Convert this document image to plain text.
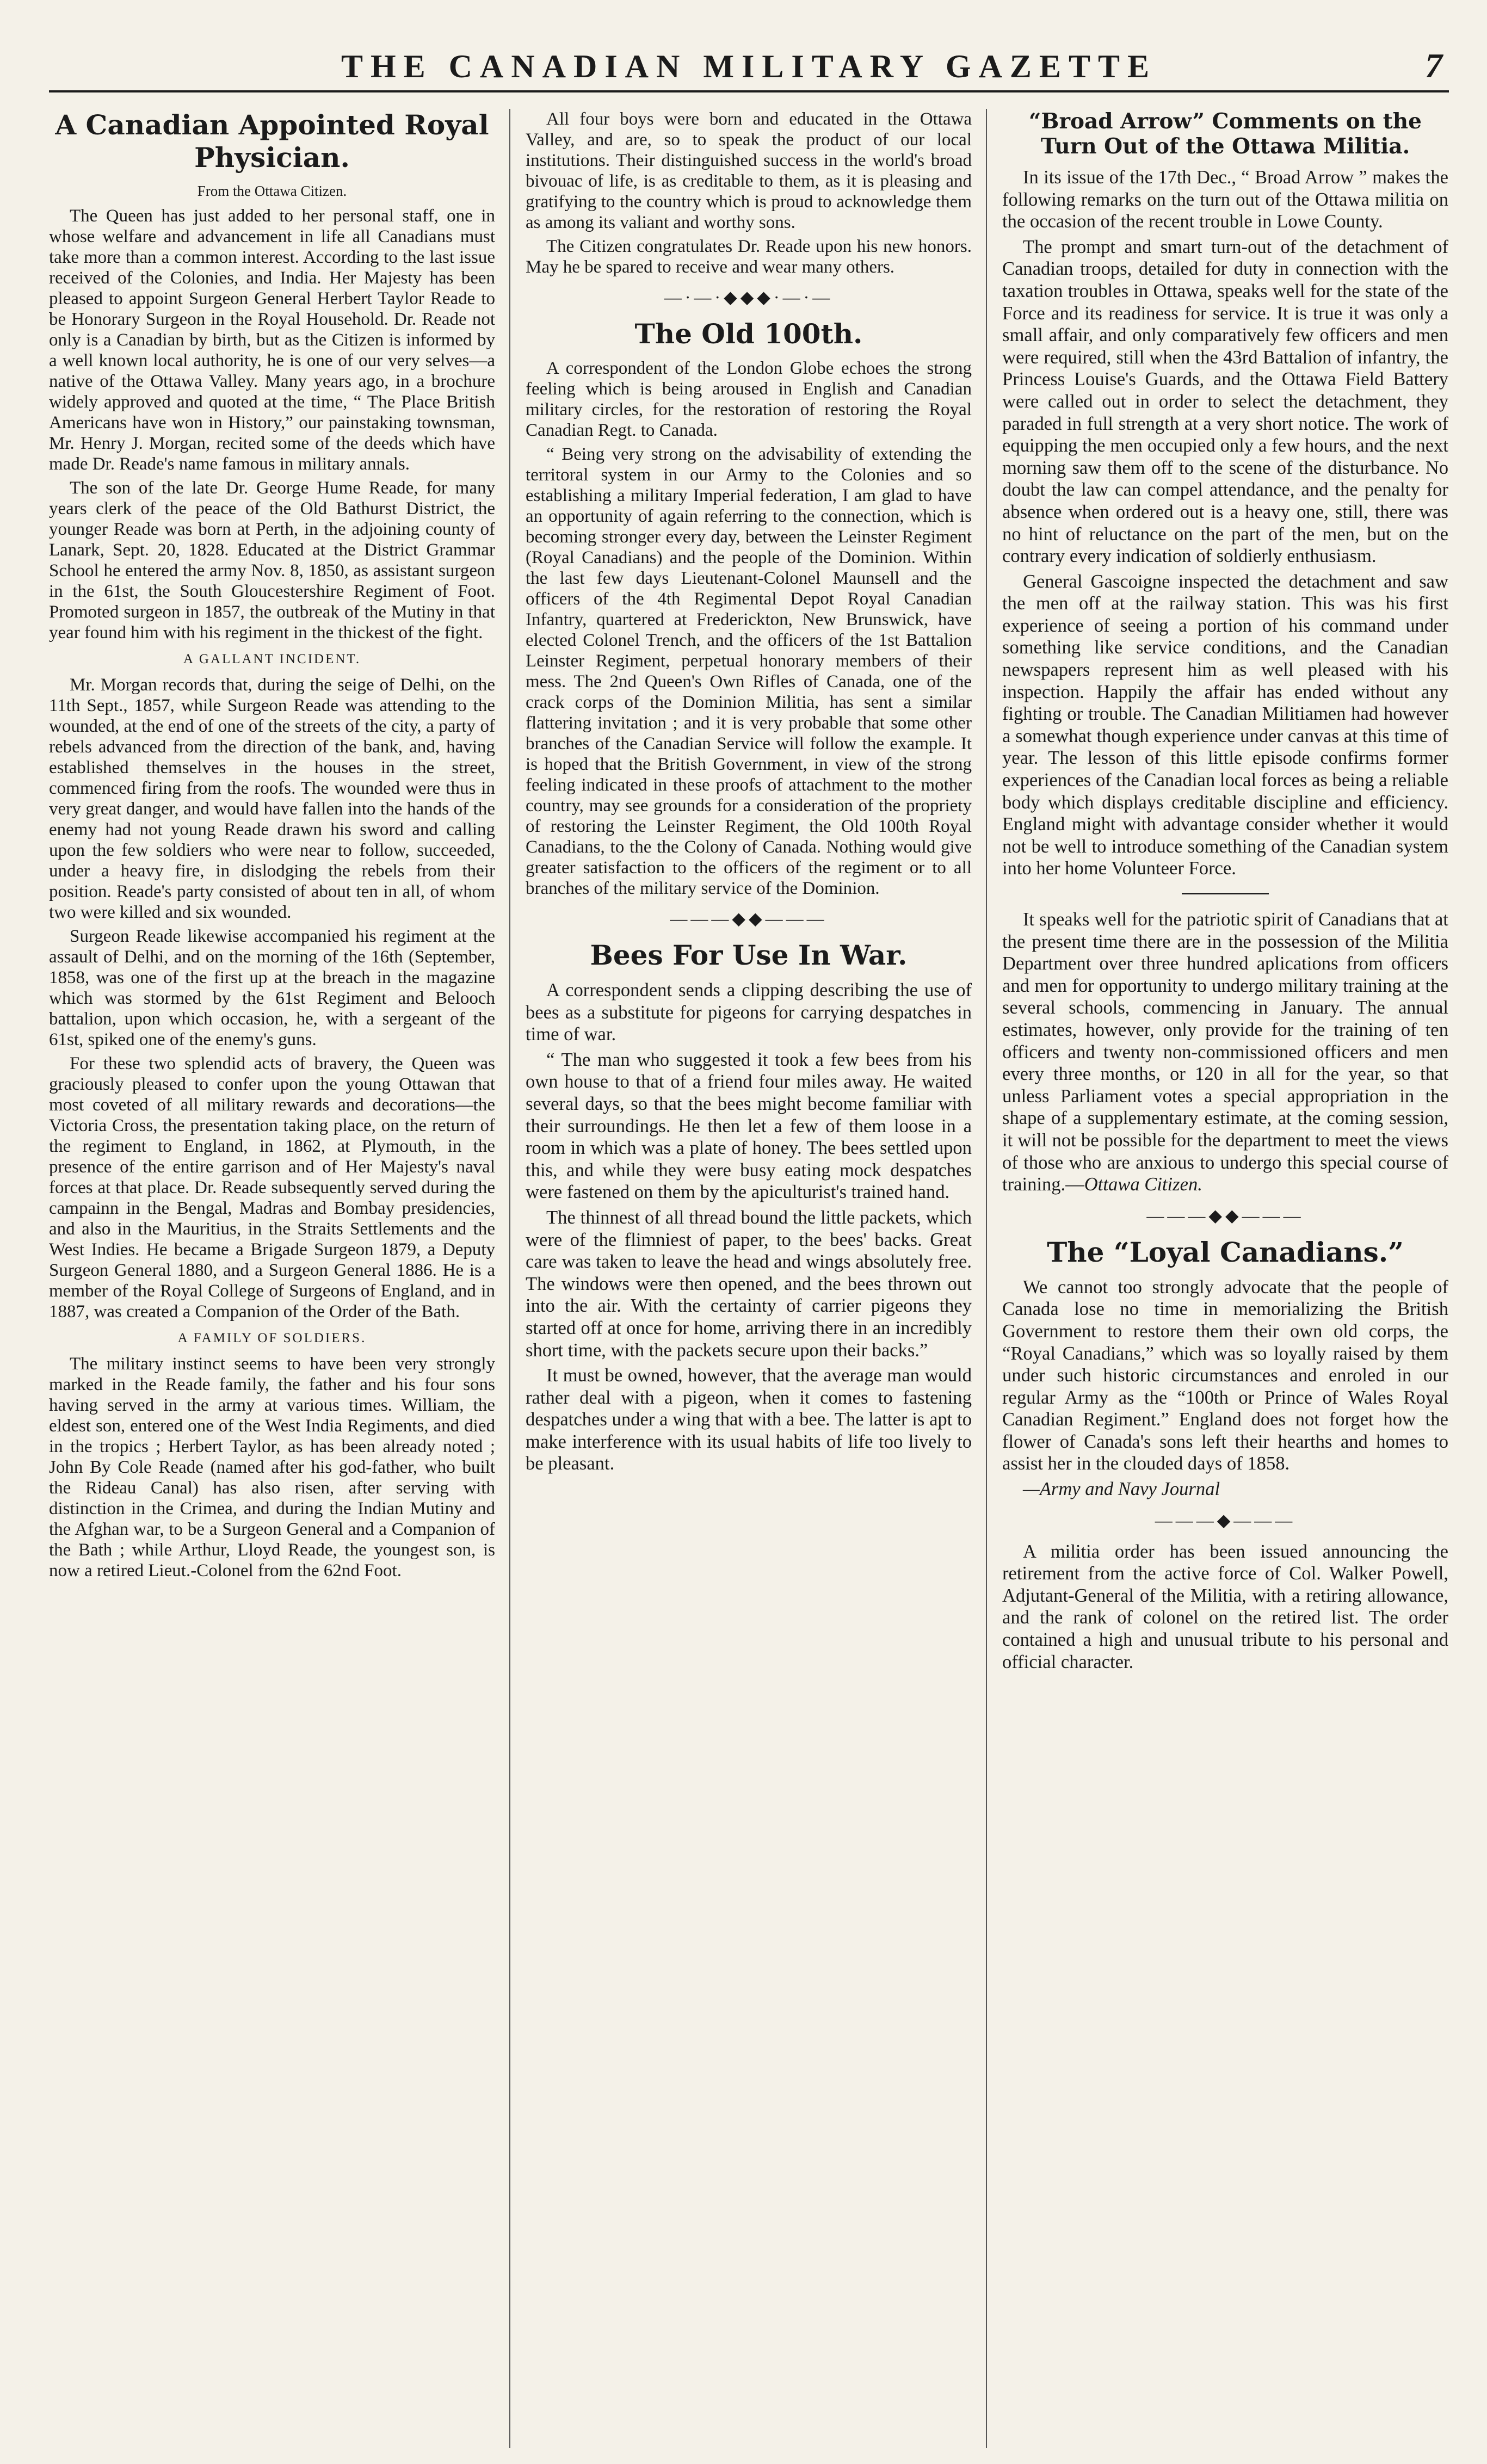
THE CANADIAN MILITARY GAZETTE	7
A Canadian Appointed Royal Physician.
From the Ottawa Citizen.

The Queen has just added to her personal staff, one in whose welfare and advancement in life all Canadians must take more than a common interest. According to the last issue received of the Colonies, and India. Her Majesty has been pleased to appoint Surgeon General Herbert Taylor Reade to be Honorary Surgeon in the Royal Household. Dr. Reade not only is a Canadian by birth, but as the Citizen is informed by a well known local authority, he is one of our very selves—a native of the Ottawa Valley. Many years ago, in a brochure widely approved and quoted at the time, “ The Place British Americans have won in History,” our painstaking townsman, Mr. Henry J. Morgan, recited some of the deeds which have made Dr. Reade's name famous in military annals.

The son of the late Dr. George Hume Reade, for many years clerk of the peace of the Old Bathurst District, the younger Reade was born at Perth, in the adjoining county of Lanark, Sept. 20, 1828. Educated at the District Grammar School he entered the army Nov. 8, 1850, as assistant surgeon in the 61st, the South Gloucestershire Regiment of Foot. Promoted surgeon in 1857, the outbreak of the Mutiny in that year found him with his regiment in the thickest of the fight.

A GALLANT INCIDENT.

Mr. Morgan records that, during the seige of Delhi, on the 11th Sept., 1857, while Surgeon Reade was attending to the wounded, at the end of one of the streets of the city, a party of rebels advanced from the direction of the bank, and, having established themselves in the houses in the street, commenced firing from the roofs. The wounded were thus in very great danger, and would have fallen into the hands of the enemy had not young Reade drawn his sword and calling upon the few soldiers who were near to follow, succeeded, under a heavy fire, in dislodging the rebels from their position. Reade's party consisted of about ten in all, of whom two were killed and six wounded.

Surgeon Reade likewise accompanied his regiment at the assault of Delhi, and on the morning of the 16th (September, 1858, was one of the first up at the breach in the magazine which was stormed by the 61st Regiment and Belooch battalion, upon which occasion, he, with a sergeant of the 61st, spiked one of the enemy's guns.

For these two splendid acts of bravery, the Queen was graciously pleased to confer upon the young Ottawan that most coveted of all military rewards and decorations—the Victoria Cross, the presentation taking place, on the return of the regiment to England, in 1862, at Plymouth, in the presence of the entire garrison and of Her Majesty's naval forces at that place. Dr. Reade subsequently served during the campainn in the Bengal, Madras and Bombay presidencies, and also in the Mauritius, in the Straits Settlements and the West Indies. He became a Brigade Surgeon 1879, a Deputy Surgeon General 1880, and a Surgeon General 1886. He is a member of the Royal College of Surgeons of England, and in 1887, was created a Companion of the Order of the Bath.

A FAMILY OF SOLDIERS.

The military instinct seems to have been very strongly marked in the Reade family, the father and his four sons having served in the army at various times. William, the eldest son, entered one of the West India Regiments, and died in the tropics ; Herbert Taylor, as has been already noted ; John By Cole Reade (named after his god-father, who built the Rideau Canal) has also risen, after serving with distinction in the Crimea, and during the Indian Mutiny and the Afghan war, to be a Surgeon General and a Companion of the Bath ; while Arthur, Lloyd Reade, the youngest son, is now a retired Lieut.-Colonel from the 62nd Foot.

All four boys were born and educated in the Ottawa Valley, and are, so to speak the product of our local institutions. Their distinguished success in the world's broad bivouac of life, is as creditable to them, as it is pleasing and gratifying to the country which is proud to acknowledge them as among its valiant and worthy sons.

The Citizen congratulates Dr. Reade upon his new honors. May he be spared to receive and wear many others.

—·—·◆◆◆·—·—
The Old 100th.

A correspondent of the London Globe echoes the strong feeling which is being aroused in English and Canadian military circles, for the restoration of restoring the Royal Canadian Regt. to Canada.

“ Being very strong on the advisability of extending the territoral system in our Army to the Colonies and so establishing a military Imperial federation, I am glad to have an opportunity of again referring to the connection, which is becoming stronger every day, between the Leinster Regiment (Royal Canadians) and the people of the Dominion. Within the last few days Lieutenant-Colonel Maunsell and the officers of the 4th Regimental Depot Royal Canadian Infantry, quartered at Frederickton, New Brunswick, have elected Colonel Trench, and the officers of the 1st Battalion Leinster Regiment, perpetual honorary members of their mess. The 2nd Queen's Own Rifles of Canada, one of the crack corps of the Dominion Militia, has sent a similar flattering invitation ; and it is very probable that some other branches of the Canadian Service will follow the example. It is hoped that the British Government, in view of the strong feeling indicated in these proofs of attachment to the mother country, may see grounds for a consideration of the propriety of restoring the Leinster Regiment, the Old 100th Royal Canadians, to the the Colony of Canada. Nothing would give greater satisfaction to the officers of the regiment or to all branches of the military service of the Dominion.

———◆◆———
Bees For Use In War.

A correspondent sends a clipping describing the use of bees as a substitute for pigeons for carrying despatches in time of war.

“ The man who suggested it took a few bees from his own house to that of a friend four miles away. He waited several days, so that the bees might become familiar with their surroundings. He then let a few of them loose in a room in which was a plate of honey. The bees settled upon this, and while they were busy eating mock despatches were fastened on them by the apiculturist's trained hand.

The thinnest of all thread bound the little packets, which were of the flimniest of paper, to the bees' backs. Great care was taken to leave the head and wings absolutely free. The windows were then opened, and the bees thrown out into the air. With the certainty of carrier pigeons they started off at once for home, arriving there in an incredibly short time, with the packets secure upon their backs.”

It must be owned, however, that the average man would rather deal with a pigeon, when it comes to fastening despatches under a wing that with a bee. The latter is apt to make interference with its usual habits of life too lively to be pleasant.

“Broad Arrow” Comments on the Turn Out of the Ottawa Militia.

In its issue of the 17th Dec., “ Broad Arrow ” makes the following remarks on the turn out of the Ottawa militia on the occasion of the recent trouble in Lowe County.

The prompt and smart turn-out of the detachment of Canadian troops, detailed for duty in connection with the taxation troubles in Ottawa, speaks well for the state of the Force and its readiness for service. It is true it was only a small affair, and only comparatively few officers and men were required, still when the 43rd Battalion of infantry, the Princess Louise's Guards, and the Ottawa Field Battery were called out in order to select the detachment, they paraded in full strength at a very short notice. The work of equipping the men occupied only a few hours, and the next morning saw them off to the scene of the disturbance. No doubt the law can compel attendance, and the penalty for absence when ordered out is a heavy one, still, there was no hint of reluctance on the part of the men, but on the contrary every indication of soldierly enthusiasm.

General Gascoigne inspected the detachment and saw the men off at the railway station. This was his first experience of seeing a portion of his command under something like service conditions, and the Canadian newspapers represent him as well pleased with his inspection. Happily the affair has ended without any fighting or trouble. The Canadian Militiamen had however a somewhat though experience under canvas at this time of year. The lesson of this little episode confirms former experiences of the Canadian local forces as being a reliable body which displays creditable discipline and efficiency. England might with advantage consider whether it would not be well to introduce something of the Canadian system into her home Volunteer Force.

It speaks well for the patriotic spirit of Canadians that at the present time there are in the possession of the Militia Department over three hundred aplications from officers and men for opportunity to undergo military training at the several schools, commencing in January. The annual estimates, however, only provide for the training of ten officers and twenty non-commissioned officers and men every three months, or 120 in all for the year, so that unless Parliament votes a special appropriation in the shape of a supplementary estimate, at the coming session, it will not be possible for the department to meet the views of those who are anxious to undergo this special course of training.—Ottawa Citizen.

———◆◆———
The “Loyal Canadians.”

We cannot too strongly advocate that the people of Canada lose no time in memorializing the British Government to restore them their own old corps, the “Royal Canadians,” which was so loyally raised by them under such historic circumstances and enroled in our regular Army as the “100th or Prince of Wales Royal Canadian Regiment.” England does not forget how the flower of Canada's sons left their hearths and homes to assist her in the clouded days of 1858.

—Army and Navy Journal

———◆———

A militia order has been issued announcing the retirement from the active force of Col. Walker Powell, Adjutant-General of the Militia, with a retiring allowance, and the rank of colonel on the retired list. The order contained a high and unusual tribute to his personal and official character.
